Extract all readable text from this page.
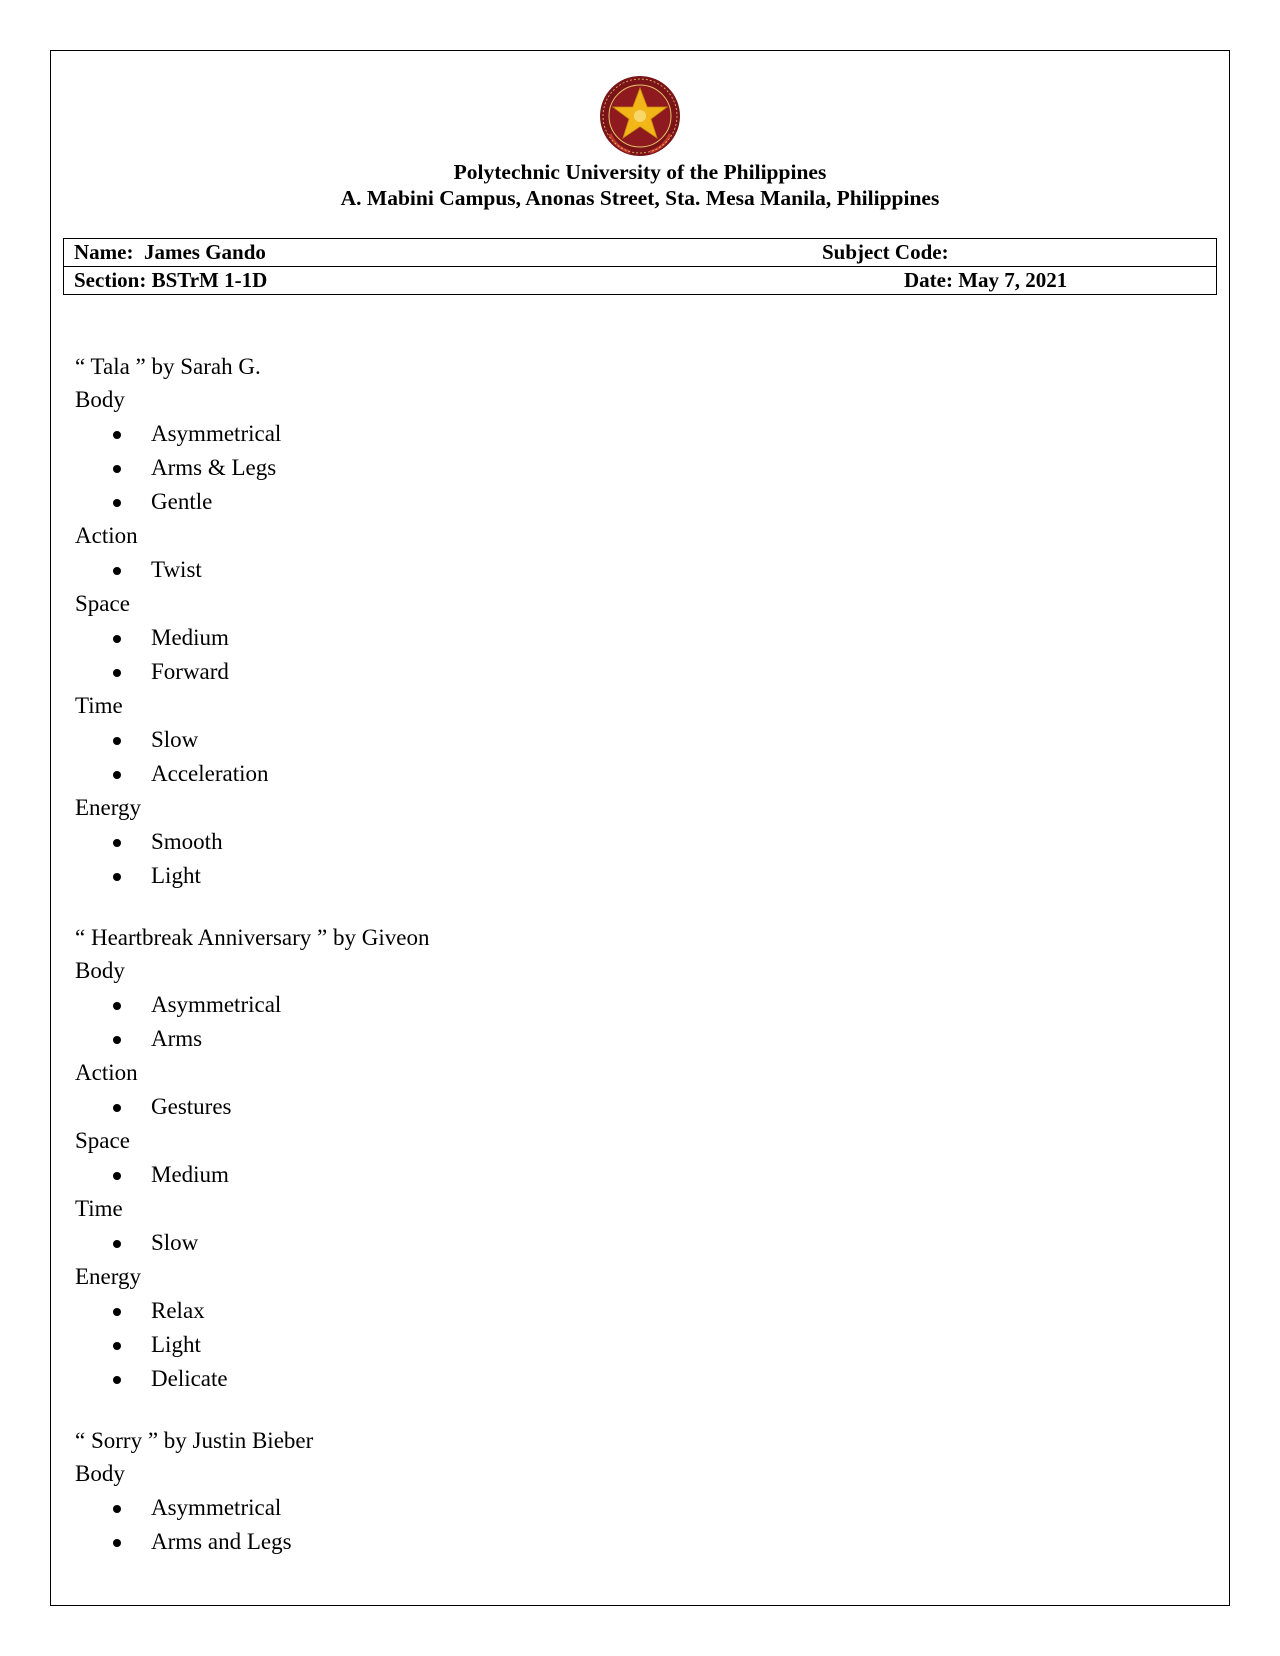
Polytechnic University of the Philippines
A. Mabini Campus, Anonas Street, Sta. Mesa Manila, Philippines
Name:  James Gando	Subject Code:
Section: BSTrM 1-1D	Date: May 7, 2021
“ Tala ” by Sarah G.
Body
Asymmetrical
Arms & Legs
Gentle
Action
Twist
Space
Medium
Forward
Time
Slow
Acceleration
Energy
Smooth
Light
“ Heartbreak Anniversary ” by Giveon
Body
Asymmetrical
Arms
Action
Gestures
Space
Medium
Time
Slow
Energy
Relax
Light
Delicate
“ Sorry ” by Justin Bieber
Body
Asymmetrical
Arms and Legs
